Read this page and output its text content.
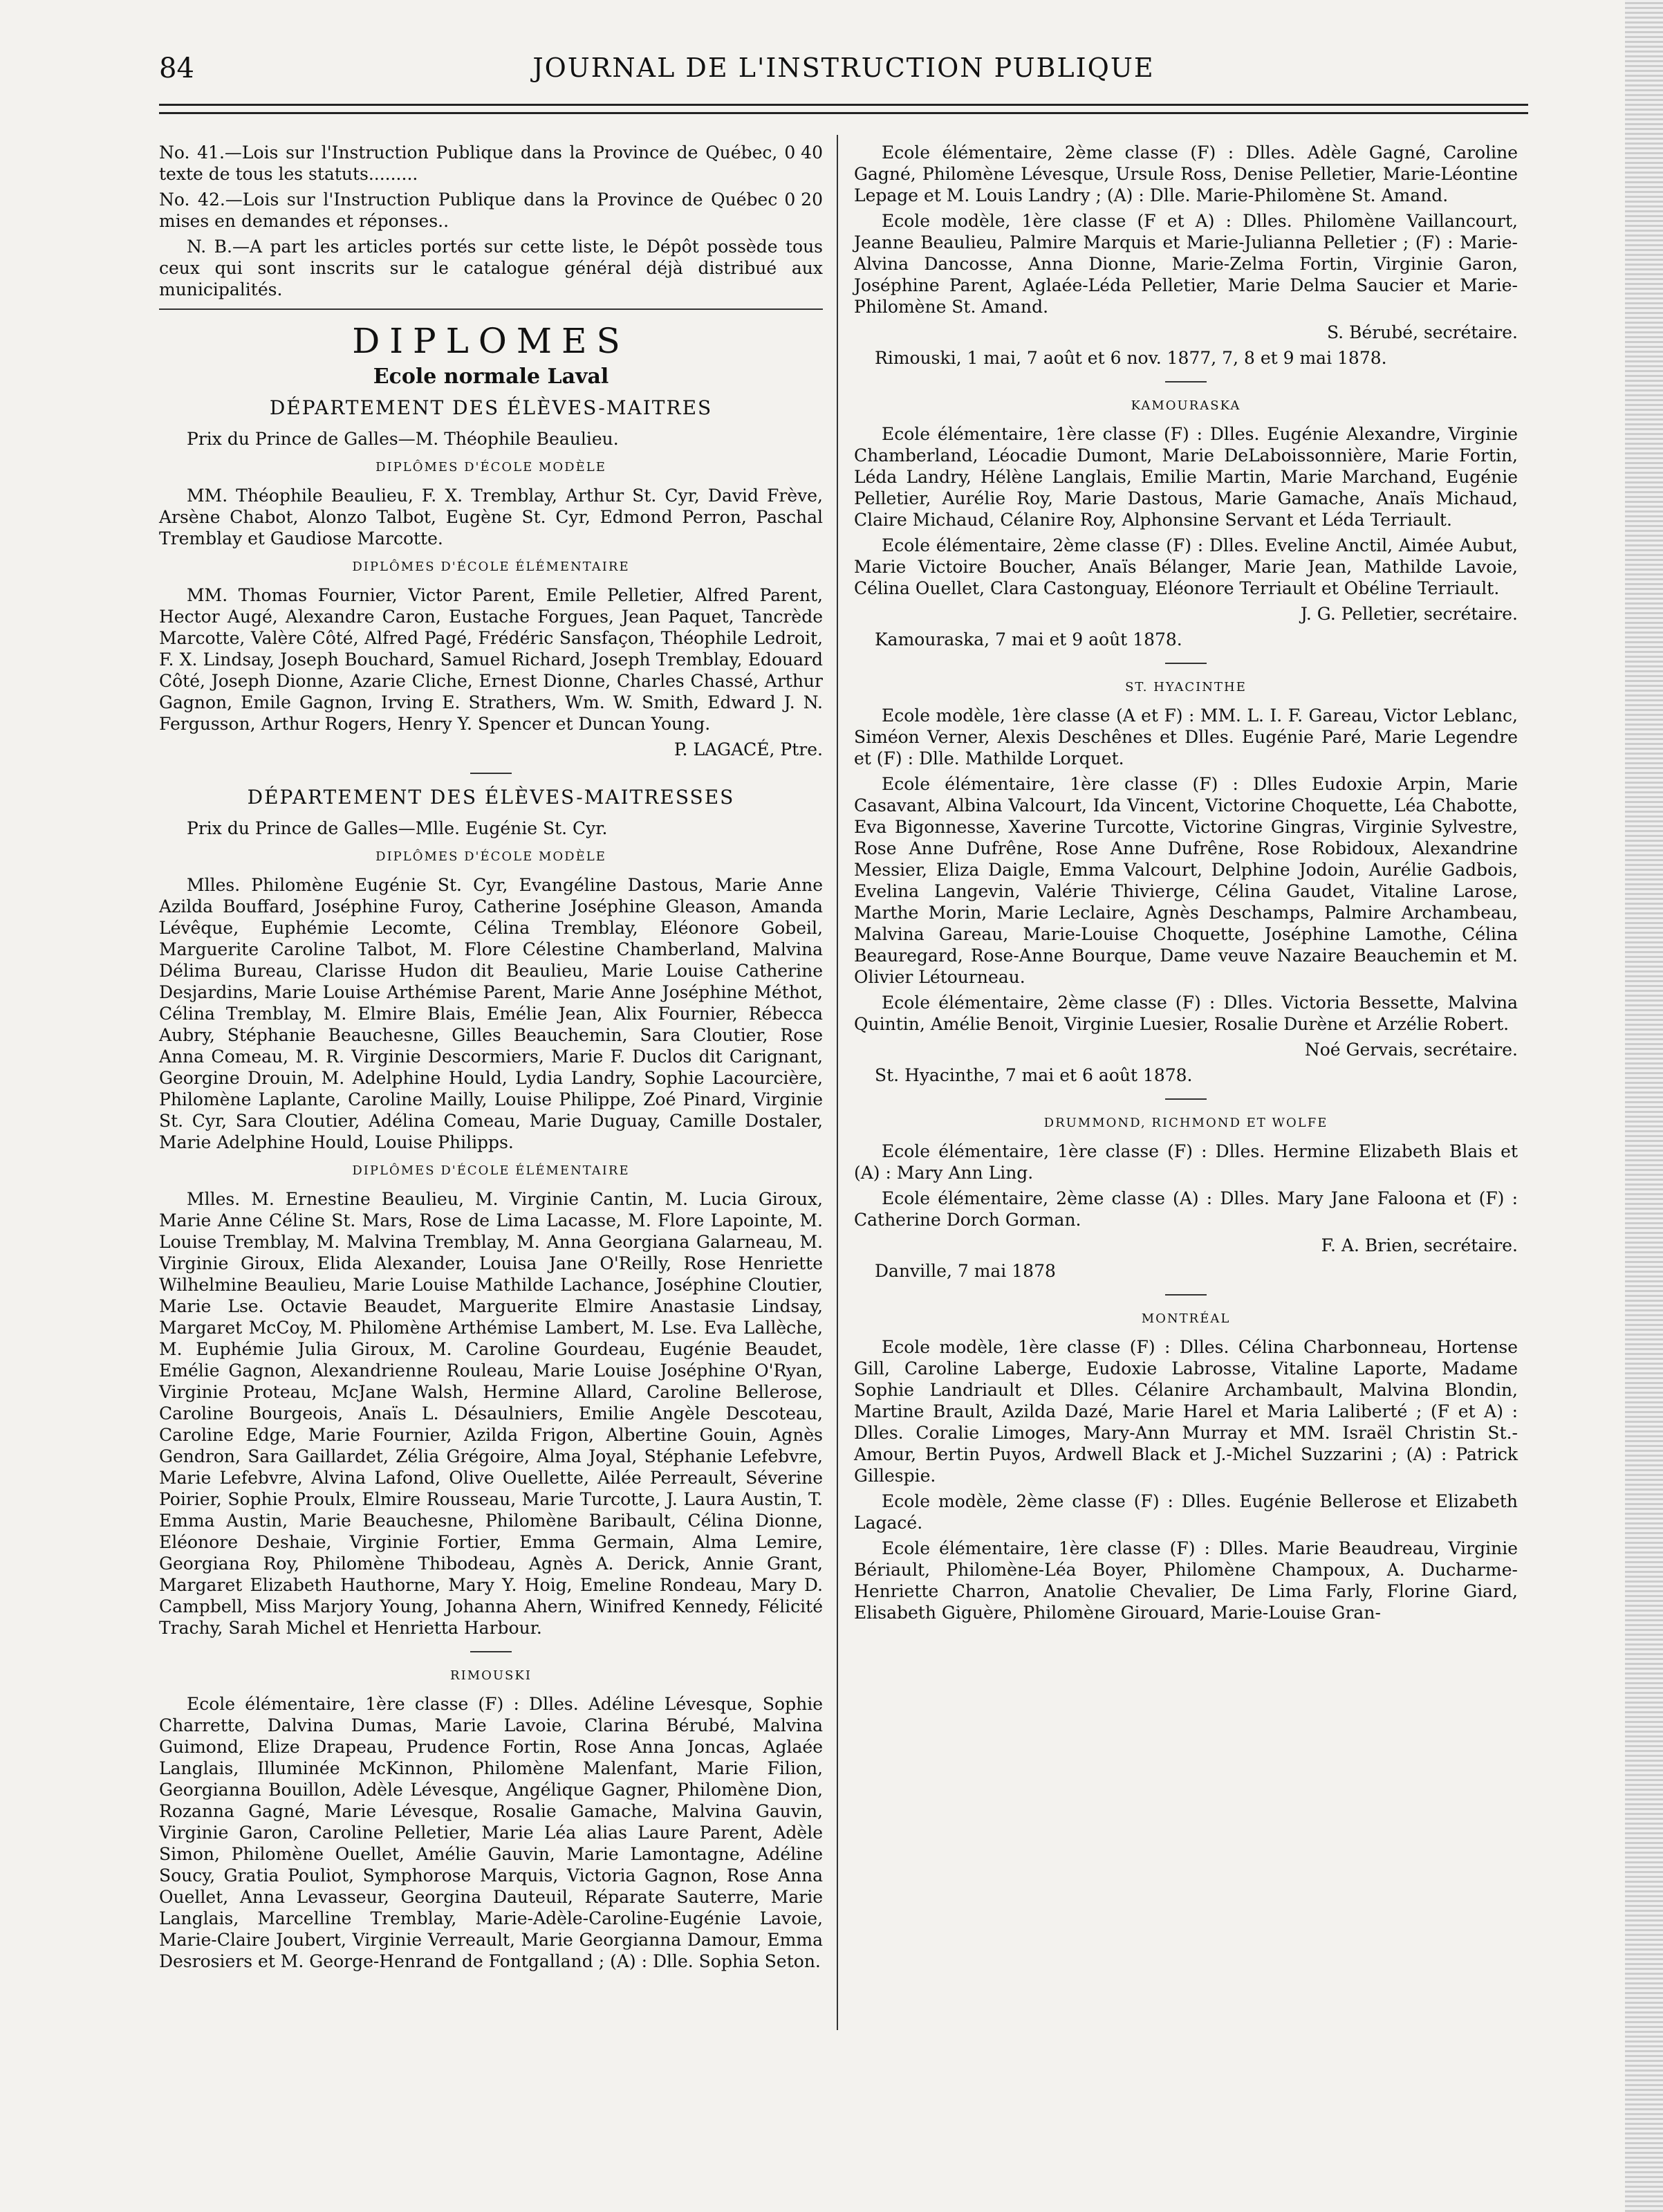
84	JOURNAL DE L'INSTRUCTION PUBLIQUE

No. 41.—Lois sur l'Instruction Publique dans la Province de Québec, texte de tous les statuts.........
0 40

No. 42.—Lois sur l'Instruction Publique dans la Province de Québec mises en demandes et réponses..
0 20

N. B.—A part les articles portés sur cette liste, le Dépôt possède tous ceux qui sont inscrits sur le catalogue général déjà distribué aux municipalités.

DIPLOMES
Ecole normale Laval
DÉPARTEMENT DES ÉLÈVES-MAITRES

Prix du Prince de Galles—M. Théophile Beaulieu.

DIPLÔMES D'ÉCOLE MODÈLE

MM. Théophile Beaulieu, F. X. Tremblay, Arthur St. Cyr, David Frève, Arsène Chabot, Alonzo Talbot, Eugène St. Cyr, Edmond Perron, Paschal Tremblay et Gaudiose Marcotte.

DIPLÔMES D'ÉCOLE ÉLÉMENTAIRE

MM. Thomas Fournier, Victor Parent, Emile Pelletier, Alfred Parent, Hector Augé, Alexandre Caron, Eustache Forgues, Jean Paquet, Tancrède Marcotte, Valère Côté, Alfred Pagé, Frédéric Sansfaçon, Théophile Ledroit, F. X. Lindsay, Joseph Bouchard, Samuel Richard, Joseph Tremblay, Edouard Côté, Joseph Dionne, Azarie Cliche, Ernest Dionne, Charles Chassé, Arthur Gagnon, Emile Gagnon, Irving E. Strathers, Wm. W. Smith, Edward J. N. Fergusson, Arthur Rogers, Henry Y. Spencer et Duncan Young.

P. LAGACÉ, Ptre.

DÉPARTEMENT DES ÉLÈVES-MAITRESSES

Prix du Prince de Galles—Mlle. Eugénie St. Cyr.

DIPLÔMES D'ÉCOLE MODÈLE

Mlles. Philomène Eugénie St. Cyr, Evangéline Dastous, Marie Anne Azilda Bouffard, Joséphine Furoy, Catherine Joséphine Gleason, Amanda Lévêque, Euphémie Lecomte, Célina Tremblay, Eléonore Gobeil, Marguerite Caroline Talbot, M. Flore Célestine Chamberland, Malvina Délima Bureau, Clarisse Hudon dit Beaulieu, Marie Louise Catherine Desjardins, Marie Louise Arthémise Parent, Marie Anne Joséphine Méthot, Célina Tremblay, M. Elmire Blais, Emélie Jean, Alix Fournier, Rébecca Aubry, Stéphanie Beauchesne, Gilles Beauchemin, Sara Cloutier, Rose Anna Comeau, M. R. Virginie Descormiers, Marie F. Duclos dit Carignant, Georgine Drouin, M. Adelphine Hould, Lydia Landry, Sophie Lacourcière, Philomène Laplante, Caroline Mailly, Louise Philippe, Zoé Pinard, Virginie St. Cyr, Sara Cloutier, Adélina Comeau, Marie Duguay, Camille Dostaler, Marie Adelphine Hould, Louise Philipps.

DIPLÔMES D'ÉCOLE ÉLÉMENTAIRE

Mlles. M. Ernestine Beaulieu, M. Virginie Cantin, M. Lucia Giroux, Marie Anne Céline St. Mars, Rose de Lima Lacasse, M. Flore Lapointe, M. Louise Tremblay, M. Malvina Tremblay, M. Anna Georgiana Galarneau, M. Virginie Giroux, Elida Alexander, Louisa Jane O'Reilly, Rose Henriette Wilhelmine Beaulieu, Marie Louise Mathilde Lachance, Joséphine Cloutier, Marie Lse. Octavie Beaudet, Marguerite Elmire Anastasie Lindsay, Margaret McCoy, M. Philomène Arthémise Lambert, M. Lse. Eva Lallèche, M. Euphémie Julia Giroux, M. Caroline Gourdeau, Eugénie Beaudet, Emélie Gagnon, Alexandrienne Rouleau, Marie Louise Joséphine O'Ryan, Virginie Proteau, McJane Walsh, Hermine Allard, Caroline Bellerose, Caroline Bourgeois, Anaïs L. Désaulniers, Emilie Angèle Descoteau, Caroline Edge, Marie Fournier, Azilda Frigon, Albertine Gouin, Agnès Gendron, Sara Gaillardet, Zélia Grégoire, Alma Joyal, Stéphanie Lefebvre, Marie Lefebvre, Alvina Lafond, Olive Ouellette, Ailée Perreault, Séverine Poirier, Sophie Proulx, Elmire Rousseau, Marie Turcotte, J. Laura Austin, T. Emma Austin, Marie Beauchesne, Philomène Baribault, Célina Dionne, Eléonore Deshaie, Virginie Fortier, Emma Germain, Alma Lemire, Georgiana Roy, Philomène Thibodeau, Agnès A. Derick, Annie Grant, Margaret Elizabeth Hauthorne, Mary Y. Hoig, Emeline Rondeau, Mary D. Campbell, Miss Marjory Young, Johanna Ahern, Winifred Kennedy, Félicité Trachy, Sarah Michel et Henrietta Harbour.

RIMOUSKI

Ecole élémentaire, 1ère classe (F) : Dlles. Adéline Lévesque, Sophie Charrette, Dalvina Dumas, Marie Lavoie, Clarina Bérubé, Malvina Guimond, Elize Drapeau, Prudence Fortin, Rose Anna Joncas, Aglaée Langlais, Illuminée McKinnon, Philomène Malenfant, Marie Filion, Georgianna Bouillon, Adèle Lévesque, Angélique Gagner, Philomène Dion, Rozanna Gagné, Marie Lévesque, Rosalie Gamache, Malvina Gauvin, Virginie Garon, Caroline Pelletier, Marie Léa alias Laure Parent, Adèle Simon, Philomène Ouellet, Amélie Gauvin, Marie Lamontagne, Adéline Soucy, Gratia Pouliot, Symphorose Marquis, Victoria Gagnon, Rose Anna Ouellet, Anna Levasseur, Georgina Dauteuil, Réparate Sauterre, Marie Langlais, Marcelline Tremblay, Marie-Adèle-Caroline-Eugénie Lavoie, Marie-Claire Joubert, Virginie Verreault, Marie Georgianna Damour, Emma Desrosiers et M. George-Henrand de Fontgalland ; (A) : Dlle. Sophia Seton.

Ecole élémentaire, 2ème classe (F) : Dlles. Adèle Gagné, Caroline Gagné, Philomène Lévesque, Ursule Ross, Denise Pelletier, Marie-Léontine Lepage et M. Louis Landry ; (A) : Dlle. Marie-Philomène St. Amand.

Ecole modèle, 1ère classe (F et A) : Dlles. Philomène Vaillancourt, Jeanne Beaulieu, Palmire Marquis et Marie-Julianna Pelletier ; (F) : Marie-Alvina Dancosse, Anna Dionne, Marie-Zelma Fortin, Virginie Garon, Joséphine Parent, Aglaée-Léda Pelletier, Marie Delma Saucier et Marie-Philomène St. Amand.

S. Bérubé, secrétaire.

Rimouski, 1 mai, 7 août et 6 nov. 1877, 7, 8 et 9 mai 1878.

KAMOURASKA

Ecole élémentaire, 1ère classe (F) : Dlles. Eugénie Alexandre, Virginie Chamberland, Léocadie Dumont, Marie DeLaboissonnière, Marie Fortin, Léda Landry, Hélène Langlais, Emilie Martin, Marie Marchand, Eugénie Pelletier, Aurélie Roy, Marie Dastous, Marie Gamache, Anaïs Michaud, Claire Michaud, Célanire Roy, Alphonsine Servant et Léda Terriault.

Ecole élémentaire, 2ème classe (F) : Dlles. Eveline Anctil, Aimée Aubut, Marie Victoire Boucher, Anaïs Bélanger, Marie Jean, Mathilde Lavoie, Célina Ouellet, Clara Castonguay, Eléonore Terriault et Obéline Terriault.

J. G. Pelletier, secrétaire.

Kamouraska, 7 mai et 9 août 1878.

ST. HYACINTHE

Ecole modèle, 1ère classe (A et F) : MM. L. I. F. Gareau, Victor Leblanc, Siméon Verner, Alexis Deschênes et Dlles. Eugénie Paré, Marie Legendre et (F) : Dlle. Mathilde Lorquet.

Ecole élémentaire, 1ère classe (F) : Dlles Eudoxie Arpin, Marie Casavant, Albina Valcourt, Ida Vincent, Victorine Choquette, Léa Chabotte, Eva Bigonnesse, Xaverine Turcotte, Victorine Gingras, Virginie Sylvestre, Rose Anne Dufrêne, Rose Anne Dufrêne, Rose Robidoux, Alexandrine Messier, Eliza Daigle, Emma Valcourt, Delphine Jodoin, Aurélie Gadbois, Evelina Langevin, Valérie Thivierge, Célina Gaudet, Vitaline Larose, Marthe Morin, Marie Leclaire, Agnès Deschamps, Palmire Archambeau, Malvina Gareau, Marie-Louise Choquette, Joséphine Lamothe, Célina Beauregard, Rose-Anne Bourque, Dame veuve Nazaire Beauchemin et M. Olivier Létourneau.

Ecole élémentaire, 2ème classe (F) : Dlles. Victoria Bessette, Malvina Quintin, Amélie Benoit, Virginie Luesier, Rosalie Durène et Arzélie Robert.

Noé Gervais, secrétaire.

St. Hyacinthe, 7 mai et 6 août 1878.

DRUMMOND, RICHMOND ET WOLFE

Ecole élémentaire, 1ère classe (F) : Dlles. Hermine Elizabeth Blais et (A) : Mary Ann Ling.

Ecole élémentaire, 2ème classe (A) : Dlles. Mary Jane Faloona et (F) : Catherine Dorch Gorman.

F. A. Brien, secrétaire.

Danville, 7 mai 1878

MONTRÉAL

Ecole modèle, 1ère classe (F) : Dlles. Célina Charbonneau, Hortense Gill, Caroline Laberge, Eudoxie Labrosse, Vitaline Laporte, Madame Sophie Landriault et Dlles. Célanire Archambault, Malvina Blondin, Martine Brault, Azilda Dazé, Marie Harel et Maria Laliberté ; (F et A) : Dlles. Coralie Limoges, Mary-Ann Murray et MM. Israël Christin St.-Amour, Bertin Puyos, Ardwell Black et J.-Michel Suzzarini ; (A) : Patrick Gillespie.

Ecole modèle, 2ème classe (F) : Dlles. Eugénie Bellerose et Elizabeth Lagacé.

Ecole élémentaire, 1ère classe (F) : Dlles. Marie Beaudreau, Virginie Bériault, Philomène-Léa Boyer, Philomène Champoux, A. Ducharme-Henriette Charron, Anatolie Chevalier, De Lima Farly, Florine Giard, Elisabeth Giguère, Philomène Girouard, Marie-Louise Gran-
